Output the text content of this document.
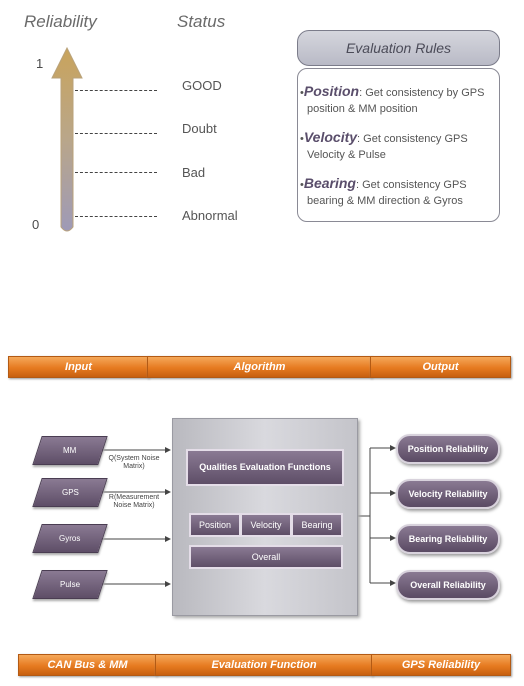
Reliability	Status
1
0
GOOD
Doubt
Bad
Abnormal
Evaluation Rules
•Position: Get consistency by GPS
position & MM position
•Velocity: Get consistency GPS
Velocity & Pulse
•Bearing: Get consistency GPS
bearing & MM direction & Gyros
Input	Algorithm	Output
MM
GPS
Gyros
Pulse
Q(System Noise
Matrix)
R(Measurement
Noise Matrix)
Qualities Evaluation Functions
Position	Velocity	Bearing
Overall
Position Reliability
Velocity Reliability
Bearing Reliability
Overall Reliability
CAN Bus & MM	Evaluation Function	GPS Reliability
